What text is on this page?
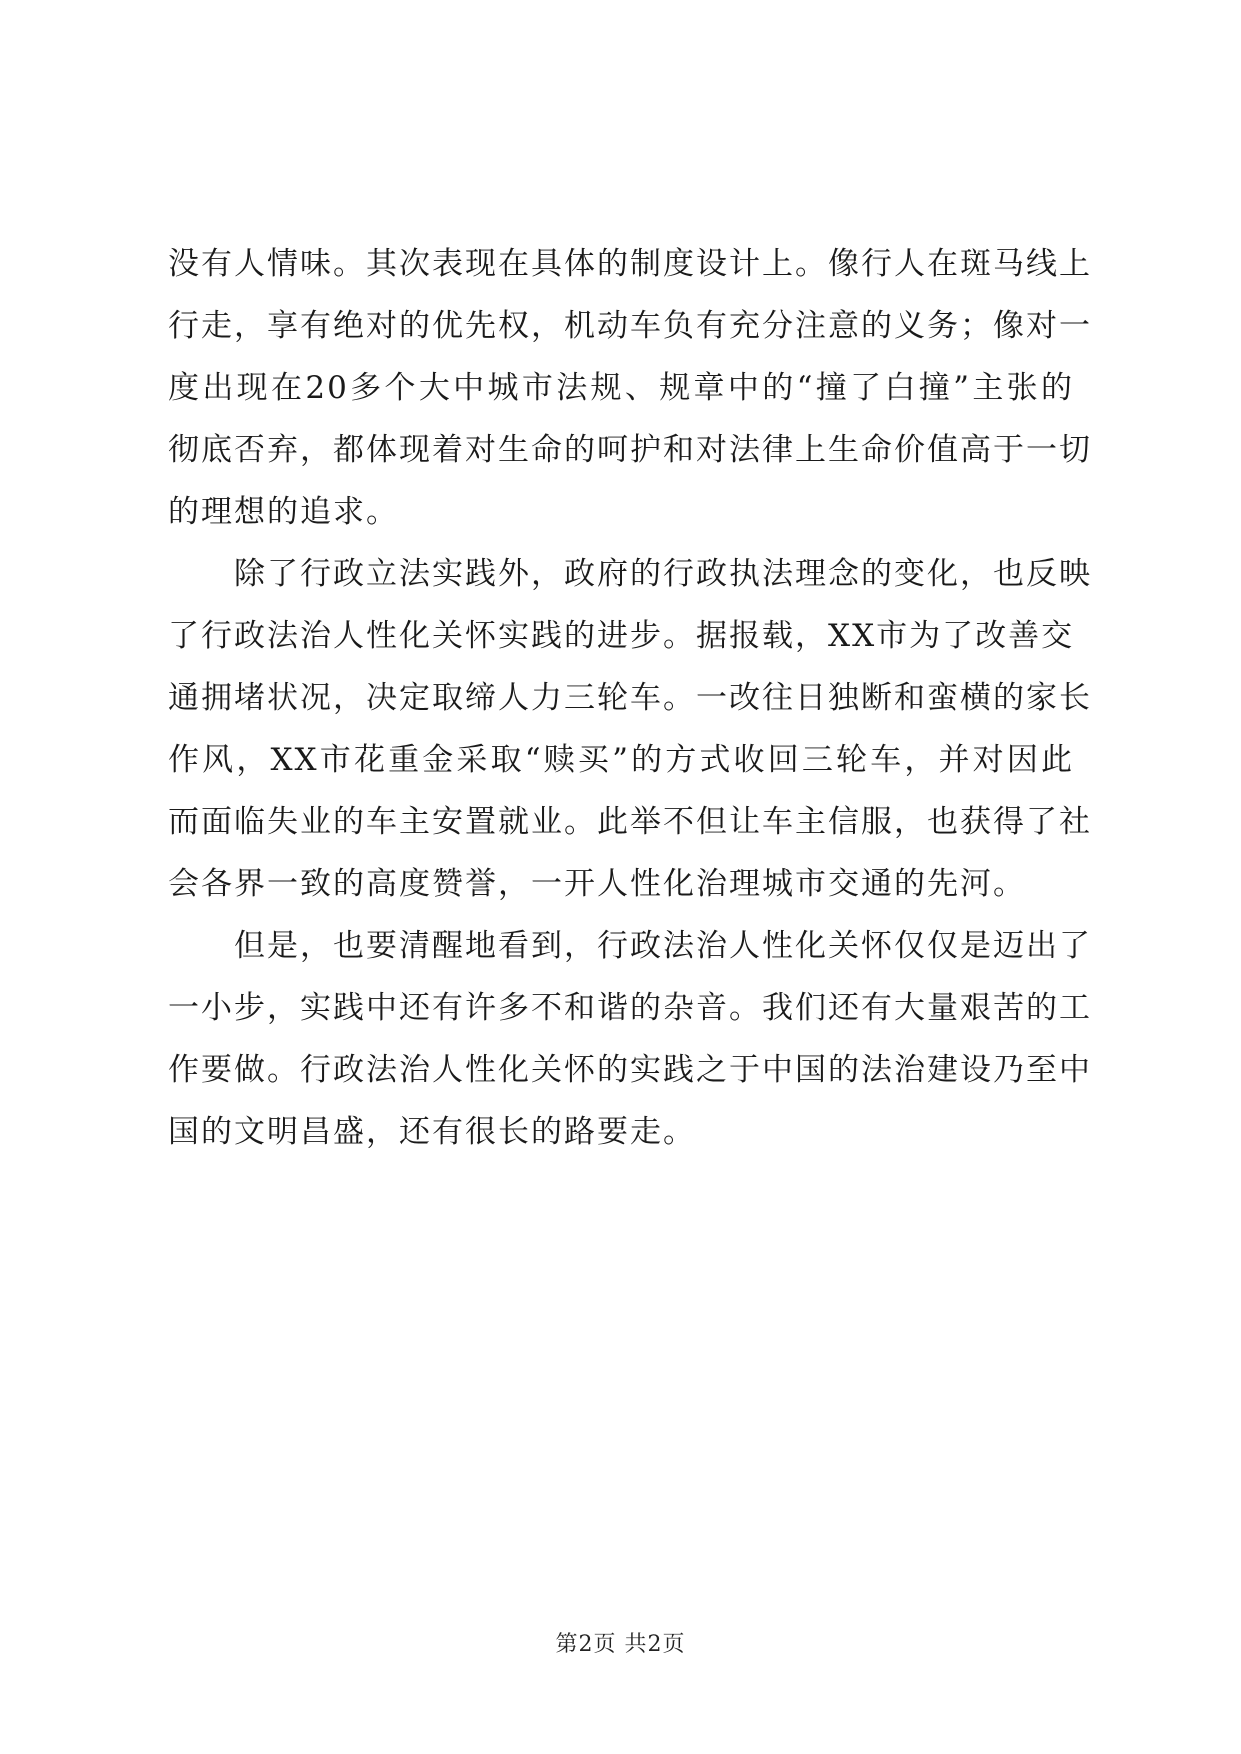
没有人情味。其次表现在具体的制度设计上。像行人在斑马线上
行走，享有绝对的优先权，机动车负有充分注意的义务；像对一
度出现在20多个大中城市法规、规章中的“撞了白撞”主张的
彻底否弃，都体现着对生命的呵护和对法律上生命价值高于一切
的理想的追求。
除了行政立法实践外，政府的行政执法理念的变化，也反映
了行政法治人性化关怀实践的进步。据报载，XX市为了改善交
通拥堵状况，决定取缔人力三轮车。一改往日独断和蛮横的家长
作风，XX市花重金采取“赎买”的方式收回三轮车，并对因此
而面临失业的车主安置就业。此举不但让车主信服，也获得了社
会各界一致的高度赞誉，一开人性化治理城市交通的先河。
但是，也要清醒地看到，行政法治人性化关怀仅仅是迈出了
一小步，实践中还有许多不和谐的杂音。我们还有大量艰苦的工
作要做。行政法治人性化关怀的实践之于中国的法治建设乃至中
国的文明昌盛，还有很长的路要走。
第2页 共2页
